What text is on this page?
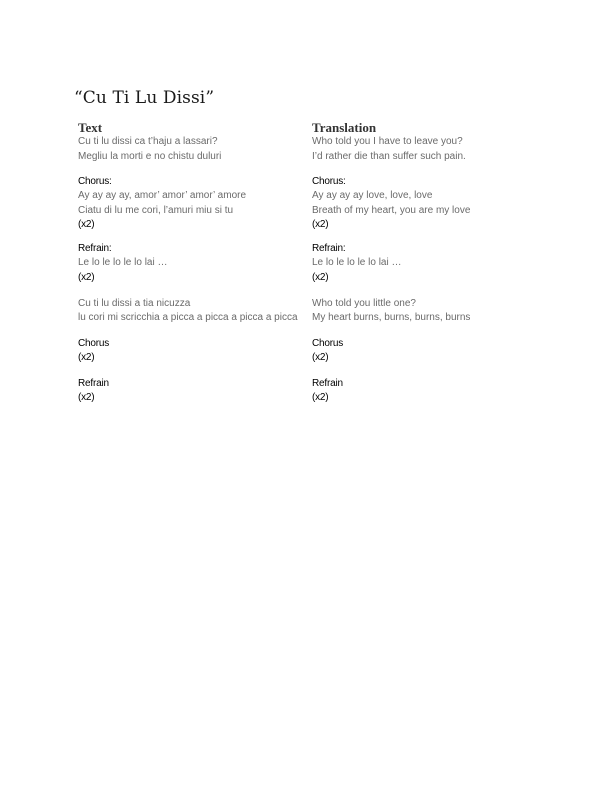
“Cu Ti Lu Dissi”
Text
Cu ti lu dissi ca t’haju a lassari?
Megliu la morti e no chistu duluri
Chorus:
Ay ay ay ay, amor’ amor’ amor’ amore
Ciatu di lu me cori, l’amuri miu si tu
(x2)
Refrain:
Le lo le lo le lo lai …
(x2)
Cu ti lu dissi a tia nicuzza
lu cori mi scricchia a picca a picca a picca a picca
Chorus
(x2)
Refrain
(x2)
Translation
Who told you I have to leave you?
I’d rather die than suffer such pain.
Chorus:
Ay ay ay ay love, love, love
Breath of my heart, you are my love
(x2)
Refrain:
Le lo le lo le lo lai …
(x2)
Who told you little one?
My heart burns, burns, burns, burns
Chorus
(x2)
Refrain
(x2)
